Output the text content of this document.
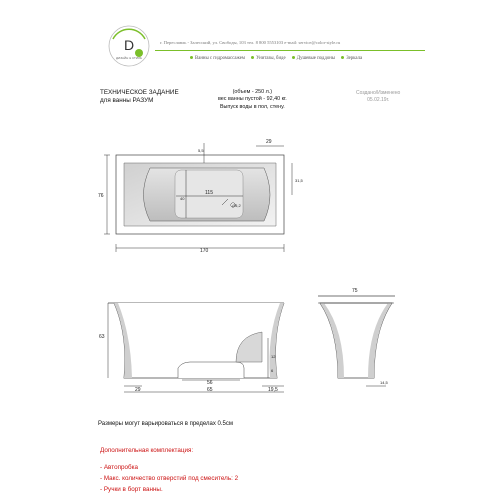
D
ДИЗАЙН & СТИЛЬ
г. Переславль - Залесский, ул. Свободы, 103 тел. 8 800 5553103 e-mail: service@color-style.ru
Ванны с гидромассажем Унитазы, биде Душевые поддоны Зеркала
ТЕХНИЧЕСКОЕ ЗАДАНИЕ
для ванны РАЗУМ
(объем - 250 л.)
вес ванны пустой - 92,40 кг.
Выпуск воды в пол, стену.
Создано/Изменено
05.02.19г.
170
76	115
40
29
31,5
5,5
Ø5,2
63
12
6
56
29	65	19,5
75
14,5
Размеры могут варьироваться в пределах 0.5см
Дополнительная комплектация:
- Автопробка
- Макс. количество отверстий под смеситель: 2
- Ручки в борт ванны.
